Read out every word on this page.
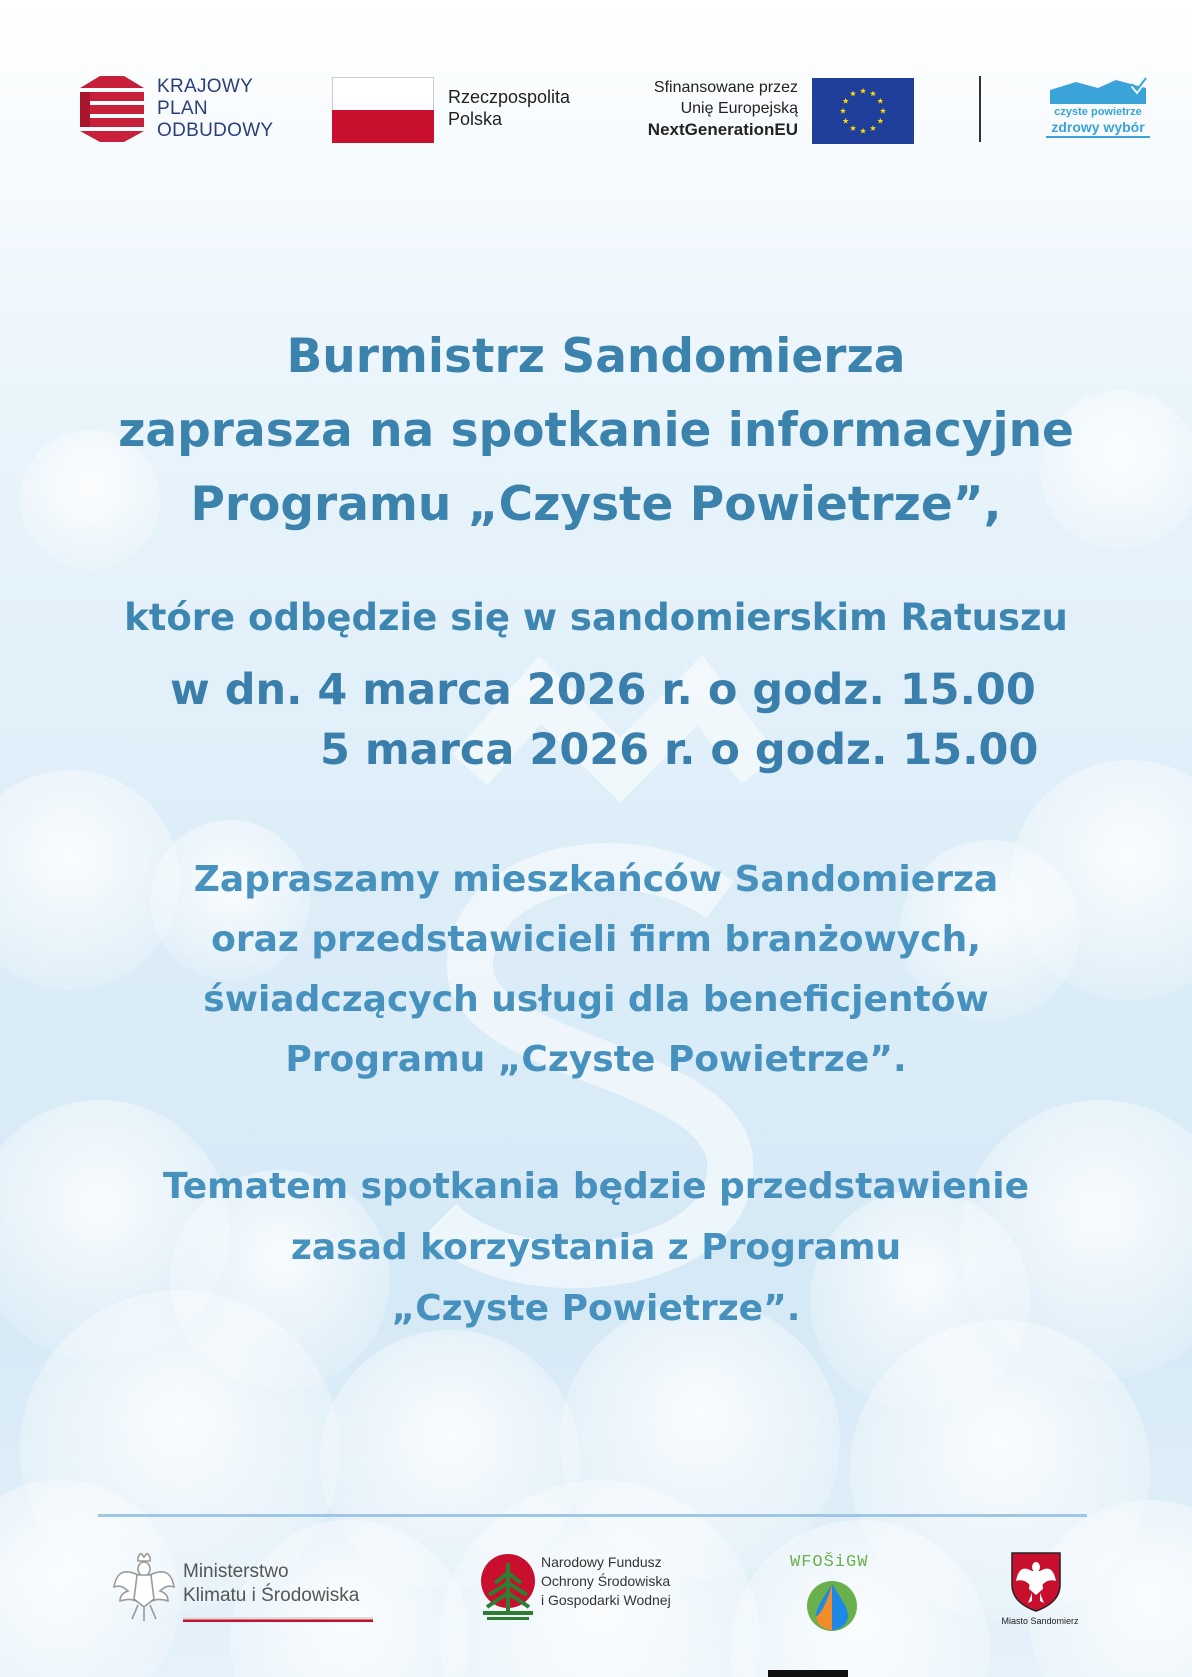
KRAJOWY
PLAN
ODBUDOWY
Rzeczpospolita
Polska
Sfinansowane przez
Unię Europejską
NextGenerationEU
czyste powietrze
zdrowy wybór
Burmistrz Sandomierza
zaprasza na spotkanie informacyjne
Programu „Czyste Powietrze”,
które odbędzie się w sandomierskim Ratuszu
w dn. 4 marca 2026 r. o godz. 15.00
5 marca 2026 r. o godz. 15.00
Zapraszamy mieszkańców Sandomierza
oraz przedstawicieli firm branżowych,
świadczących usługi dla beneficjentów
Programu „Czyste Powietrze”.
Tematem spotkania będzie przedstawienie
zasad korzystania z Programu
„Czyste Powietrze”.
Ministerstwo
Klimatu i Środowiska
Narodowy Fundusz
Ochrony Środowiska
i Gospodarki Wodnej
WFOŠiGW
Miasto Sandomierz
